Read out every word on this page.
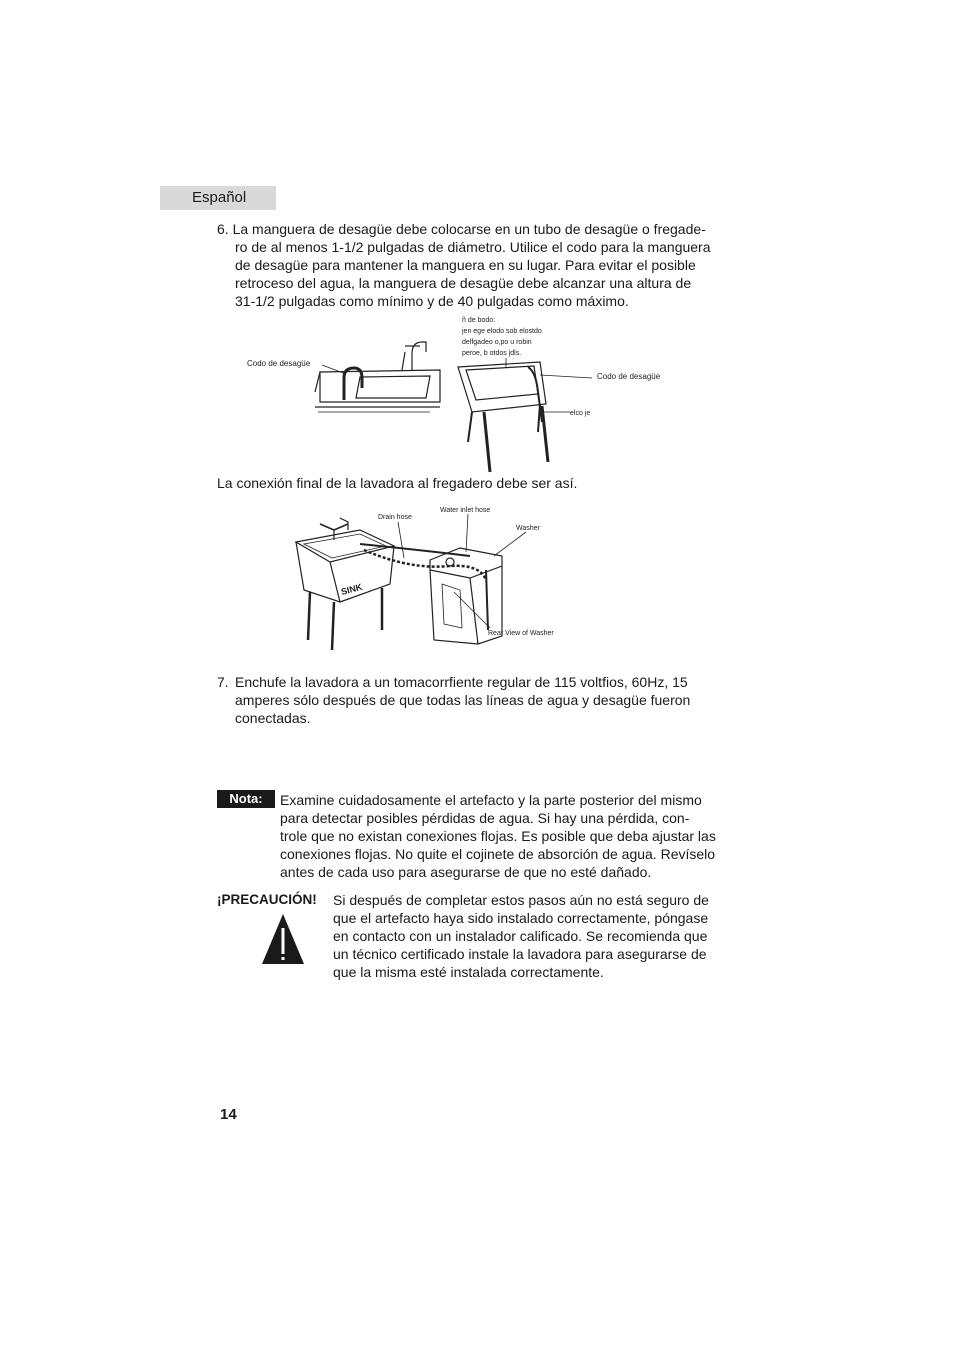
Español
6. La manguera de desagüe debe colocarse en un tubo de desagüe o fregade-
ro de al menos 1-1/2 pulgadas de diámetro. Utilice el codo para la manguera
de desagüe para mantener la manguera en su lugar. Para evitar el posible
retroceso del agua, la manguera de desagüe debe alcanzar una altura de
31-1/2 pulgadas como mínimo y de 40 pulgadas como máximo.
Codo de desagüe
Codo de desagüe
elco je
ñ de bodo:
jen ege elodo sob elostdo
delfgadeo o,po u robin
peroe, b otdos jdls.
La conexión final de la lavadora al fregadero debe ser así.
SINK
Drain hose
Water inlet hose
Washer
Rear View of Washer
7. Enchufe la lavadora a un tomacorrfiente regular de 115 voltfios, 60Hz, 15
amperes sólo después de que todas las líneas de agua y desagüe fueron
conectadas.
Nota:	Examine cuidadosamente el artefacto y la parte posterior del mismo
para detectar posibles pérdidas de agua. Si hay una pérdida, con-
trole que no existan conexiones flojas. Es posible que deba ajustar las
conexiones flojas. No quite el cojinete de absorción de agua. Revíselo
antes de cada uso para asegurarse de que no esté dañado.
¡PRECAUCIÓN! Si después de completar estos pasos aún no está seguro de
que el artefacto haya sido instalado correctamente, póngase
en contacto con un instalador calificado. Se recomienda que
un técnico certificado instale la lavadora para asegurarse de
que la misma esté instalada correctamente.
14
